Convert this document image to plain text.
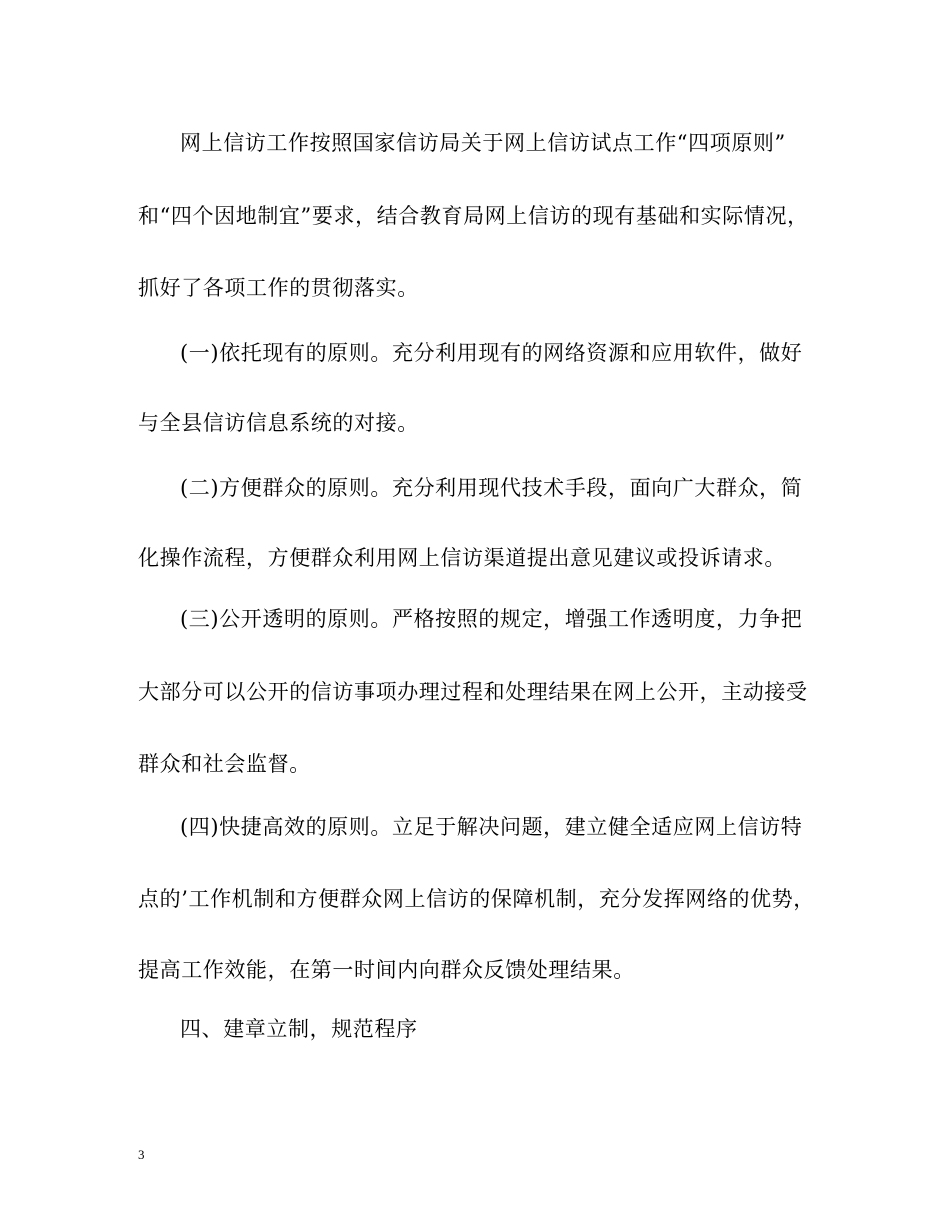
网上信访工作按照国家信访局关于网上信访试点工作“四项原则”
和“四个因地制宜”要求，结合教育局网上信访的现有基础和实际情况，
抓好了各项工作的贯彻落实。
(一)依托现有的原则。充分利用现有的网络资源和应用软件，做好
与全县信访信息系统的对接。
(二)方便群众的原则。充分利用现代技术手段，面向广大群众，简
化操作流程，方便群众利用网上信访渠道提出意见建议或投诉请求。
(三)公开透明的原则。严格按照的规定，增强工作透明度，力争把
大部分可以公开的信访事项办理过程和处理结果在网上公开，主动接受
群众和社会监督。
(四)快捷高效的原则。立足于解决问题，建立健全适应网上信访特
点的’工作机制和方便群众网上信访的保障机制，充分发挥网络的优势，
提高工作效能，在第一时间内向群众反馈处理结果。
四、建章立制，规范程序
3
